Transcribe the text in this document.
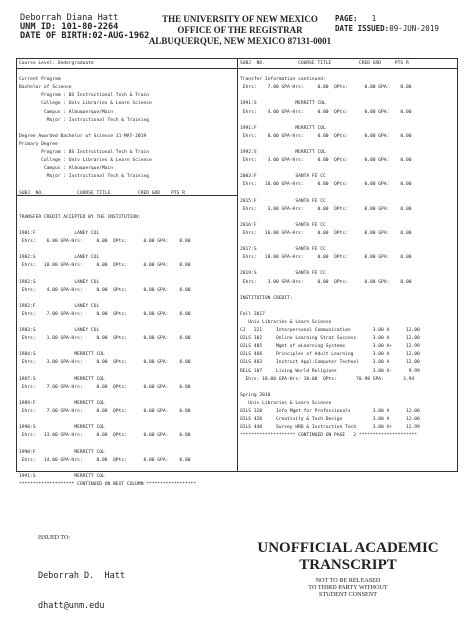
Deborrah Diana Hatt
UNM ID: 101-80-2264
DATE OF BIRTH:02-AUG-1962
THE UNIVERSITY OF NEW MEXICO
OFFICE OF THE REGISTRAR
ALBUQUERQUE, NEW MEXICO 87131-0001
PAGE: 1
DATE ISSUED:09-JUN-2019
Course Level: Undergraduate
Current Program
Bachelor of Science
Program : BS Instructional Tech & Train
College : Univ Libraries & Learn Science
Campus : Albuquerque/Main
Major : Instructional Tech & Training
Degree Awarded Bachelor of Science 11-MAY-2019
Primary Degree
Program : BS Instructional Tech & Train
College : Univ Libraries & Learn Science
Campus : Albuquerque/Main
Major : Instructional Tech & Training
SUBJ  NO.            COURSE TITLE          CRED GRD    PTS R
TRANSFER CREDIT ACCEPTED BY THE INSTITUTION:
1981:F              LANEY COL
Ehrs:    6.00 GPA-Hrs:     0.00  QPts:      0.00 GPA:    0.00
1982:S              LANEY COL
Ehrs:   10.00 GPA-Hrs:     0.00  QPts:      0.00 GPA:    0.00
1982:S              LANEY COL
Ehrs:    4.00 GPA-Hrs:     0.00  QPts:      0.00 GPA:    0.00
1982:F              LANEY COL
Ehrs:    7.00 GPA-Hrs:     0.00  QPts:      0.00 GPA:    0.00
1983:S              LANEY COL
Ehrs:    1.00 GPA-Hrs:     0.00  QPts:      0.00 GPA:    0.00
1984:S              MERRITT COL
Ehrs:    3.00 GPA-Hrs:     0.00  QPts:      0.00 GPA:    0.00
1987:S              MERRITT COL
Ehrs:    7.00 GPA-Hrs:     0.00  QPts:      0.00 GPA:    0.00
1989:F              MERRITT COL
Ehrs:    7.00 GPA-Hrs:     0.00  QPts:      0.00 GPA:    0.00
1990:S              MERRITT COL
Ehrs:   13.00 GPA-Hrs:     0.00  QPts:      0.00 GPA:    0.00
1990:F              MERRITT COL
Ehrs:   14.00 GPA-Hrs:     0.00  QPts:      0.00 GPA:    0.00
1991:S              MERRITT COL
******************** CONTINUED ON NEXT COLUMN ******************
SUBJ  NO.            COURSE TITLE          CRED GRD     PTS R
Transfer Information continued:
Ehrs:    7.00 GPA-Hrs:     0.00  QPts:      0.00 GPA:    0.00
1991:S              MERRITT COL
Ehrs:    4.00 GPA-Hrs:     0.00  QPts:      0.00 GPA:    0.00
1991:F              MERRITT COL
Ehrs:    8.00 GPA-Hrs:     0.00  QPts:      0.00 GPA:    0.00
1992:S              MERRITT COL
Ehrs:    3.00 GPA-Hrs:     0.00  QPts:      0.00 GPA:    0.00
2003:F              SANTA FE CC
Ehrs:   10.00 GPA-Hrs:     0.00  QPts:      0.00 GPA:    0.00
2015:F              SANTA FE CC
Ehrs:    3.00 GPA-Hrs:     0.00  QPts:      0.00 GPA:    0.00
2016:F              SANTA FE CC
Ehrs:   16.00 GPA-Hrs:     0.00  QPts:      0.00 GPA:    0.00
2017:S              SANTA FE CC
Ehrs:   18.00 GPA-Hrs:     0.00  QPts:      0.00 GPA:    0.00
2019:S              SANTA FE CC
Ehrs:    3.00 GPA-Hrs:     0.00  QPts:      0.00 GPA:    0.00
INSTITUTION CREDIT:
Fall 2017
Univ Libraries & Learn Science
CJ   221     Interpersonal Communication        3.00 A      12.00
OILS 102     Online Learning Strat Success      3.00 A      12.00
OILS 405     Mgmt of eLearning Systems          3.00 A+     12.99
OILS 466     Principles of Adult Learning       3.00 A      12.00
OILS 483     Instruct Appl:Computer Technol     3.00 A      12.00
RELG 107     Living World Religions             3.00 A-      9.99
Ehrs: 18.00 GPA-Hrs: 18.00  QPts:       70.98 GPA:       3.94
Spring 2018
Univ Libraries & Learn Science
OILS 320     Info Mgmt for Professionals        3.00 A      12.00
OILS 420     Creativity & Tech Design           3.00 A      12.00
OILS 440     Survey HRD & Instruction Tech      3.00 A+     12.99
******************** CONTINUED ON PAGE   2 *********************
ISSUED TO:

Deborrah D.  Hatt

dhatt@unm.edu

UNOFFICIAL ACADEMIC
TRANSCRIPT
NOT TO BE RELEASED
TO THIRD PARTY WITHOUT
STUDENT CONSENT
